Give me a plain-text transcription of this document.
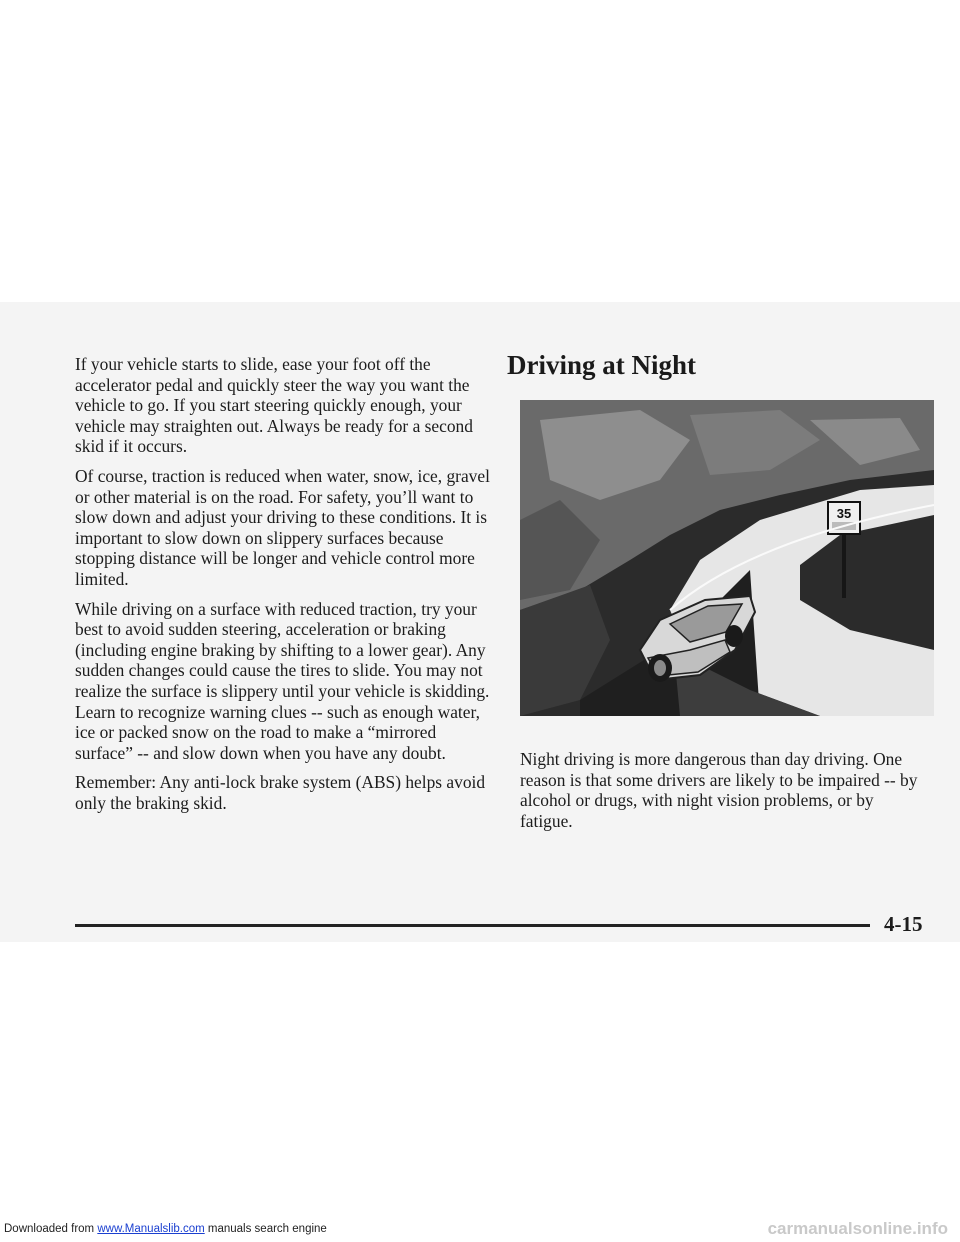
If your vehicle starts to slide, ease your foot off the accelerator pedal and quickly steer the way you want the vehicle to go. If you start steering quickly enough, your vehicle may straighten out. Always be ready for a second skid if it occurs.

Of course, traction is reduced when water, snow, ice, gravel or other material is on the road. For safety, you’ll want to slow down and adjust your driving to these conditions. It is important to slow down on slippery surfaces because stopping distance will be longer and vehicle control more limited.

While driving on a surface with reduced traction, try your best to avoid sudden steering, acceleration or braking (including engine braking by shifting to a lower gear). Any sudden changes could cause the tires to slide. You may not realize the surface is slippery until your vehicle is skidding. Learn to recognize warning clues -- such as enough water, ice or packed snow on the road to make a “mirrored surface” -- and slow down when you have any doubt.

Remember: Any anti-lock brake system (ABS) helps avoid only the braking skid.

Driving at Night
35

Night driving is more dangerous than day driving. One reason is that some drivers are likely to be impaired -- by alcohol or drugs, with night vision problems, or by fatigue.

4-15
Downloaded from www.Manualslib.com manuals search engine	carmanualsonline.info
